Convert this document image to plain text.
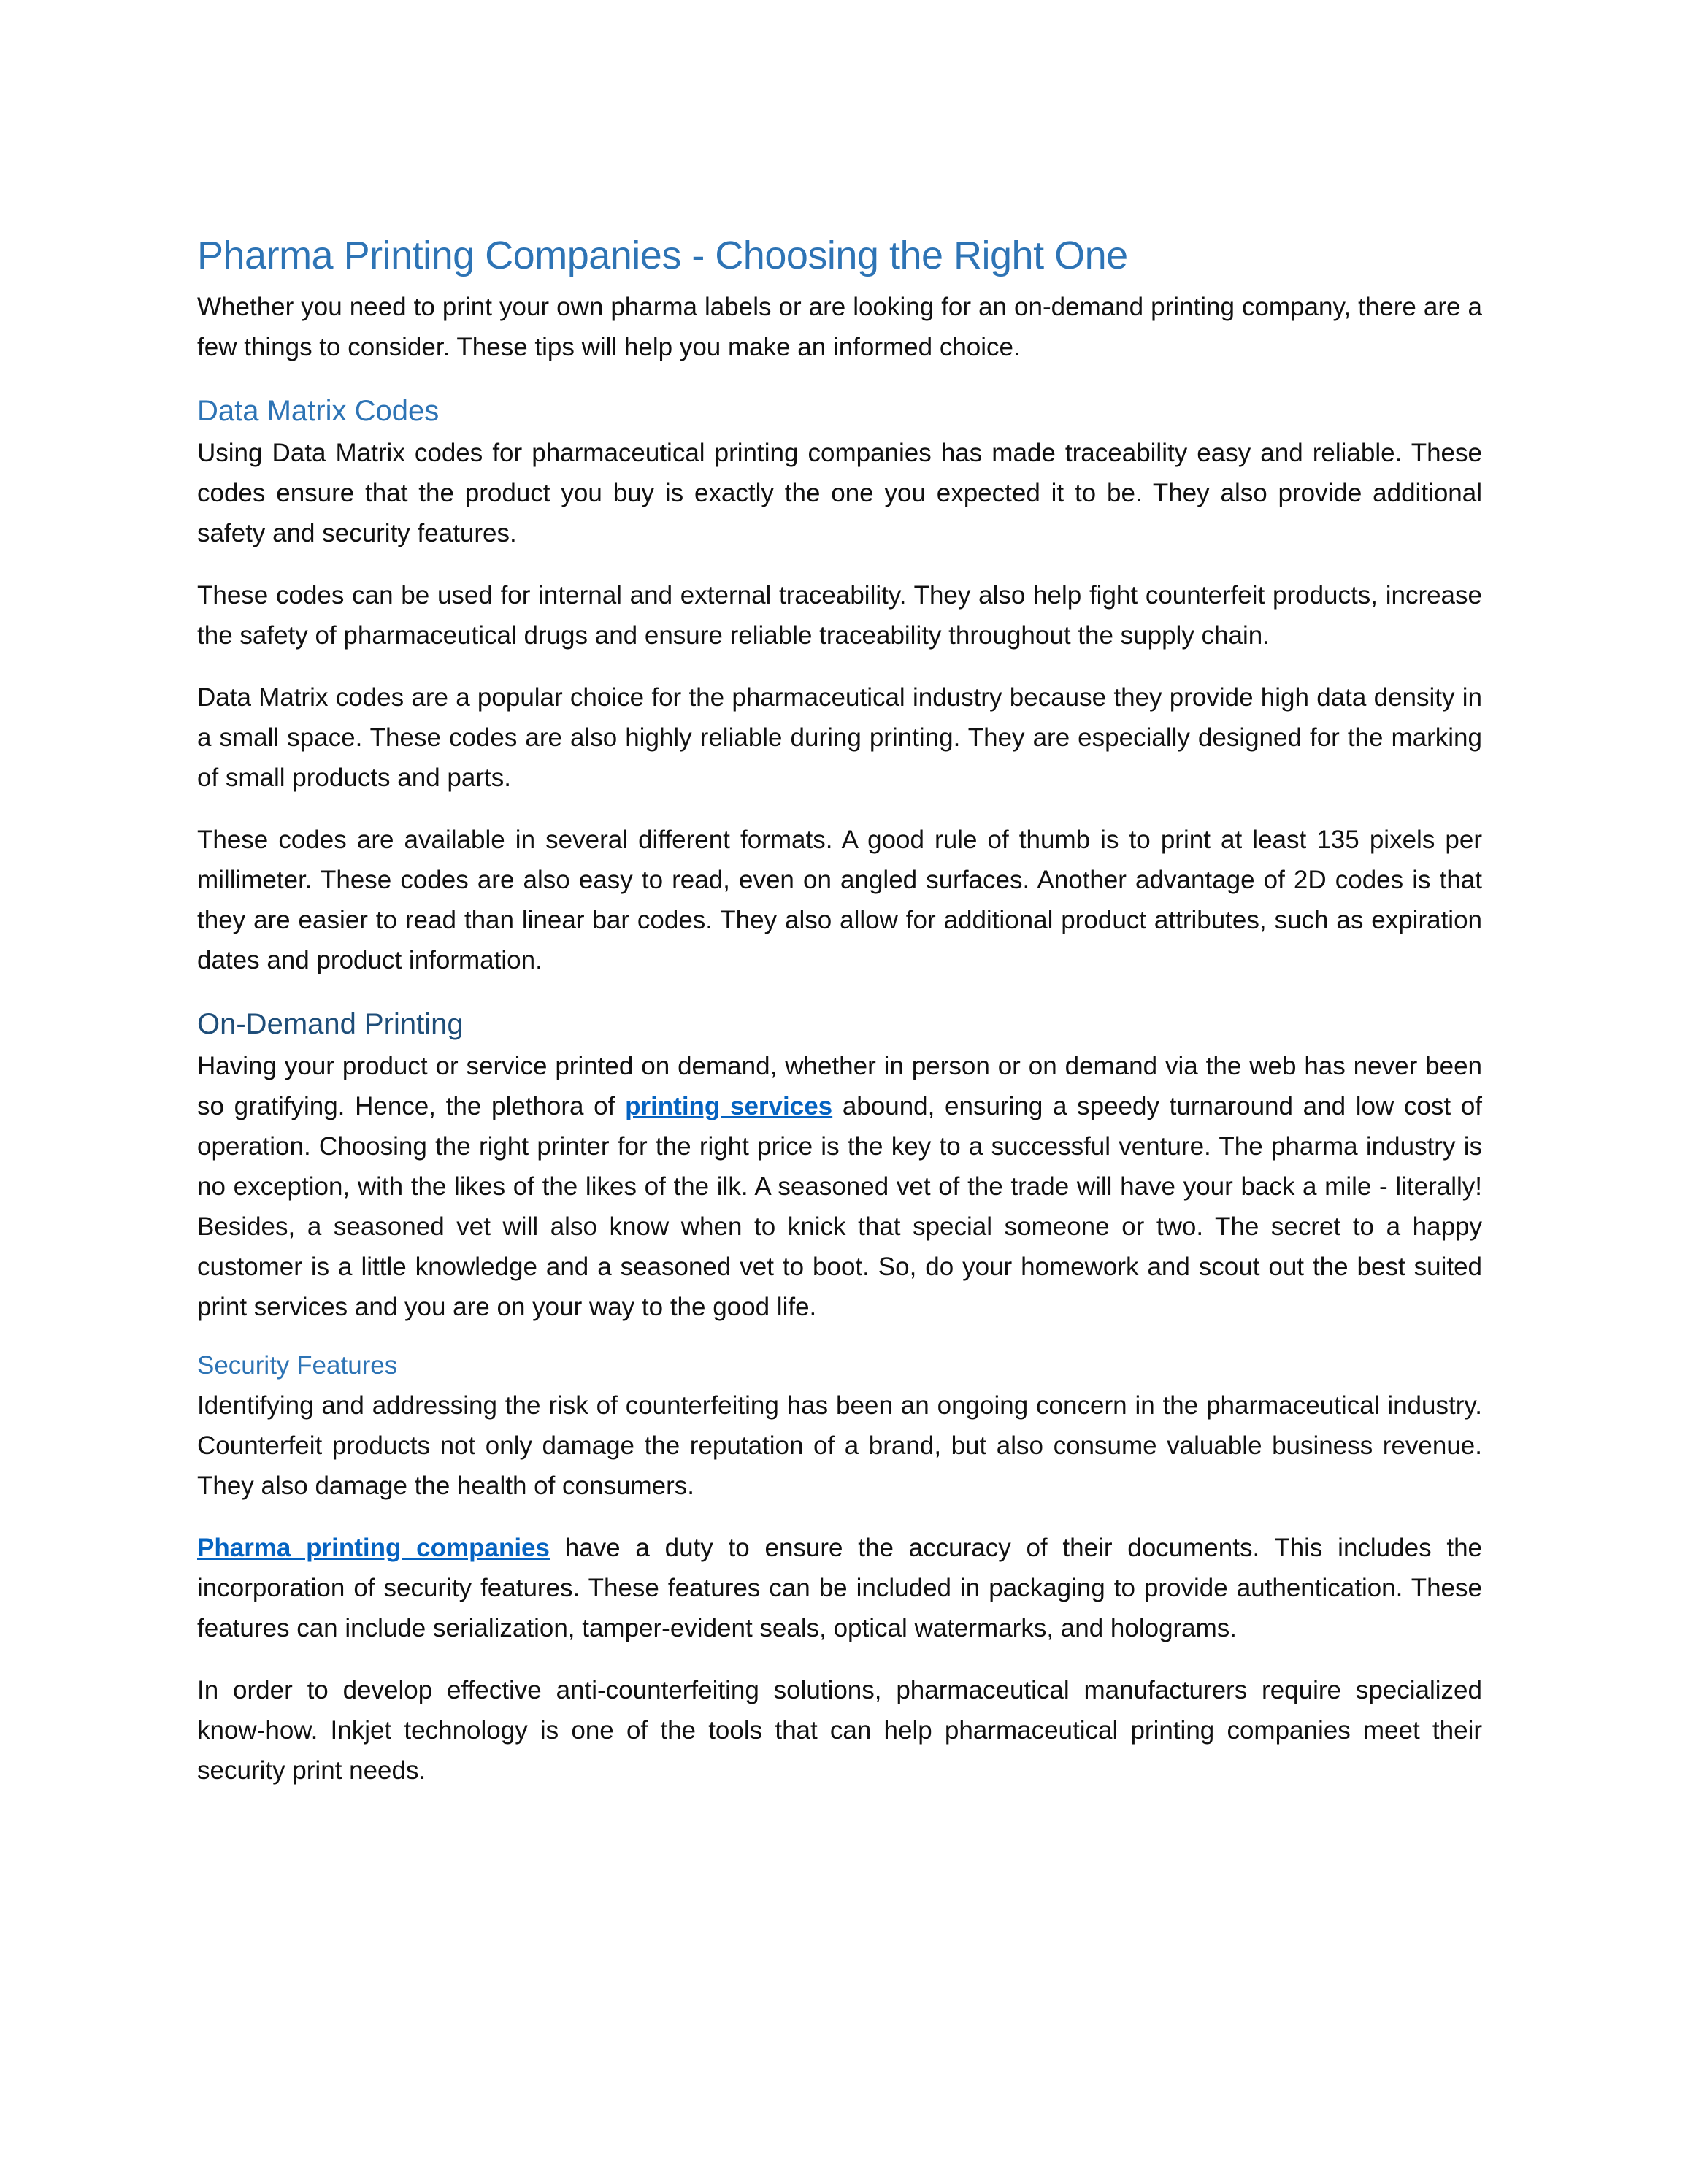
Pharma Printing Companies - Choosing the Right One

Whether you need to print your own pharma labels or are looking for an on-demand printing company, there are a few things to consider. These tips will help you make an informed choice.

Data Matrix Codes

Using Data Matrix codes for pharmaceutical printing companies has made traceability easy and reliable. These codes ensure that the product you buy is exactly the one you expected it to be. They also provide additional safety and security features.

These codes can be used for internal and external traceability. They also help fight counterfeit products, increase the safety of pharmaceutical drugs and ensure reliable traceability throughout the supply chain.

Data Matrix codes are a popular choice for the pharmaceutical industry because they provide high data density in a small space. These codes are also highly reliable during printing. They are especially designed for the marking of small products and parts.

These codes are available in several different formats. A good rule of thumb is to print at least 135 pixels per millimeter. These codes are also easy to read, even on angled surfaces. Another advantage of 2D codes is that they are easier to read than linear bar codes. They also allow for additional product attributes, such as expiration dates and product information.

On-Demand Printing

Having your product or service printed on demand, whether in person or on demand via the web has never been so gratifying. Hence, the plethora of printing services abound, ensuring a speedy turnaround and low cost of operation. Choosing the right printer for the right price is the key to a successful venture. The pharma industry is no exception, with the likes of the likes of the ilk. A seasoned vet of the trade will have your back a mile - literally! Besides, a seasoned vet will also know when to knick that special someone or two. The secret to a happy customer is a little knowledge and a seasoned vet to boot. So, do your homework and scout out the best suited print services and you are on your way to the good life.

Security Features

Identifying and addressing the risk of counterfeiting has been an ongoing concern in the pharmaceutical industry. Counterfeit products not only damage the reputation of a brand, but also consume valuable business revenue. They also damage the health of consumers.

Pharma printing companies have a duty to ensure the accuracy of their documents. This includes the incorporation of security features. These features can be included in packaging to provide authentication. These features can include serialization, tamper-evident seals, optical watermarks, and holograms.

In order to develop effective anti-counterfeiting solutions, pharmaceutical manufacturers require specialized know-how. Inkjet technology is one of the tools that can help pharmaceutical printing companies meet their security print needs.
